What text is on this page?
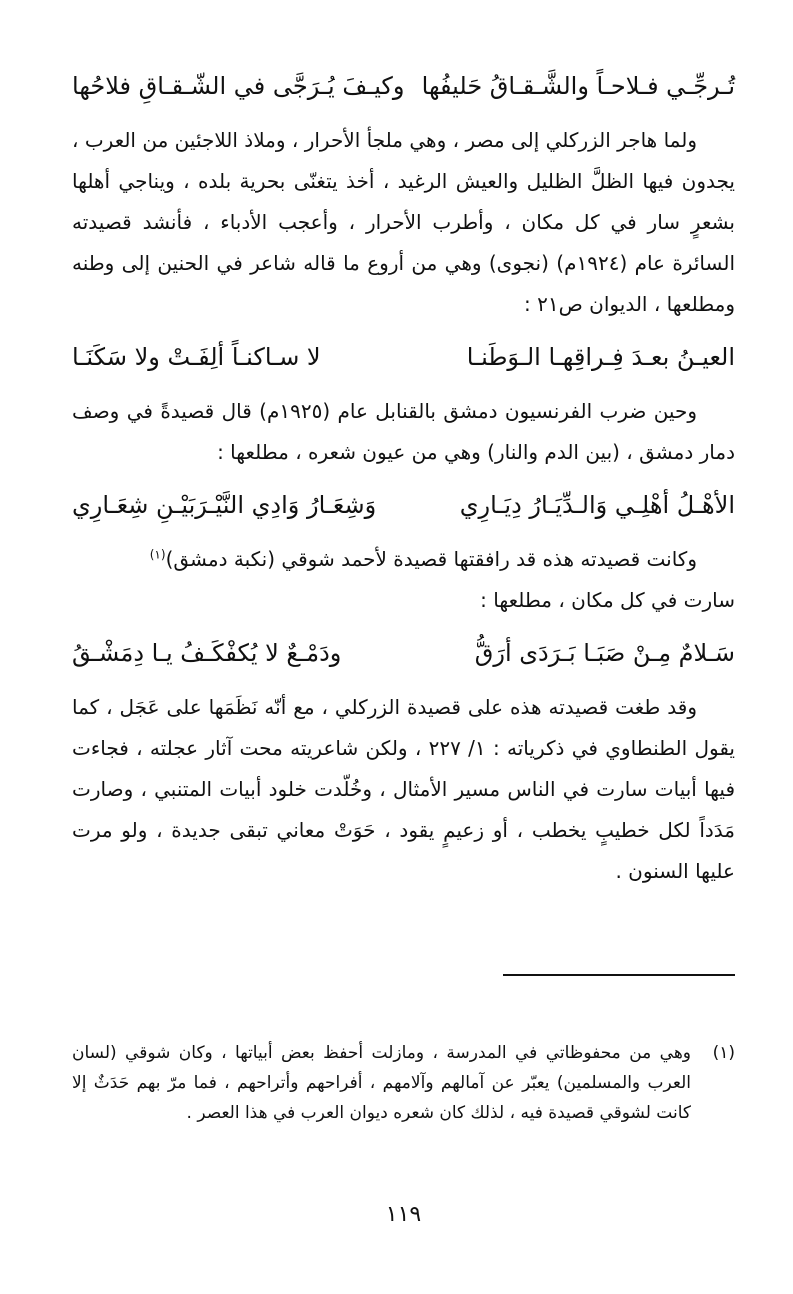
تُـرجِّـي فـلاحـاً والشَّـقـاقُ حَليفُها
وكيـفَ يُـرَجَّى في الشّـقـاقِ فلاحُها

ولما هاجر الزركلي إلى مصر ، وهي ملجأ الأحرار ، وملاذ اللاجئين من العرب ، يجدون فيها الظلَّ الظليل والعيش الرغيد ، أخذ يتغنّى بحرية بلده ، ويناجي أهلها بشعرٍ سار في كل مكان ، وأطرب الأحرار ، وأعجب الأدباء ، فأنشد قصيدته السائرة عام (١٩٢٤م) (نجوى) وهي من أروع ما قاله شاعر في الحنين إلى وطنه ومطلعها ، الديوان ص٢١ :

العيـنُ بعـدَ فِـراقِهـا الـوَطَنـا
لا سـاكنـاً ألِفَـتْ ولا سَكَنَـا

وحين ضرب الفرنسيون دمشق بالقنابل عام (١٩٢٥م) قال قصيدةً في وصف دمار دمشق ، (بين الدم والنار) وهي من عيون شعره ، مطلعها :

الأهْـلُ أهْلِـي وَالـدِّيَـارُ دِيَـارِي
وَشِعَـارُ وَادِي النَّيْـرَبَيْـنِ شِعَـارِي

وكانت قصيدته هذه قد رافقتها قصيدة لأحمد شوقي (نكبة دمشق)$^{(١)}$
سارت في كل مكان ، مطلعها :

سَـلامٌ مِـنْ صَبَـا بَـرَدَى أرَقُّ
ودَمْـعٌ لا يُكفْكَـفُ يـا دِمَشْـقُ

وقد طغت قصيدته هذه على قصيدة الزركلي ، مع أنّه نَظَمَها على عَجَل ، كما يقول الطنطاوي في ذكرياته : ١/ ٢٢٧ ، ولكن شاعريته محت آثار عجلته ، فجاءت فيها أبيات سارت في الناس مسير الأمثال ، وخُلّدت خلود أبيات المتنبي ، وصارت مَدَداً لكل خطيبٍ يخطب ، أو زعيمٍ يقود ، حَوَتْ معاني تبقى جديدة ، ولو مرت عليها السنون .

(١)
وهي من محفوظاتي في المدرسة ، ومازلت أحفظ بعض أبياتها ، وكان شوقي (لسان العرب والمسلمين) يعبّر عن آمالهم وآلامهم ، أفراحهم وأتراحهم ، فما مرّ بهم حَدَثٌ إلا كانت لشوقي قصيدة فيه ، لذلك كان شعره ديوان العرب في هذا العصر .
١١٩
